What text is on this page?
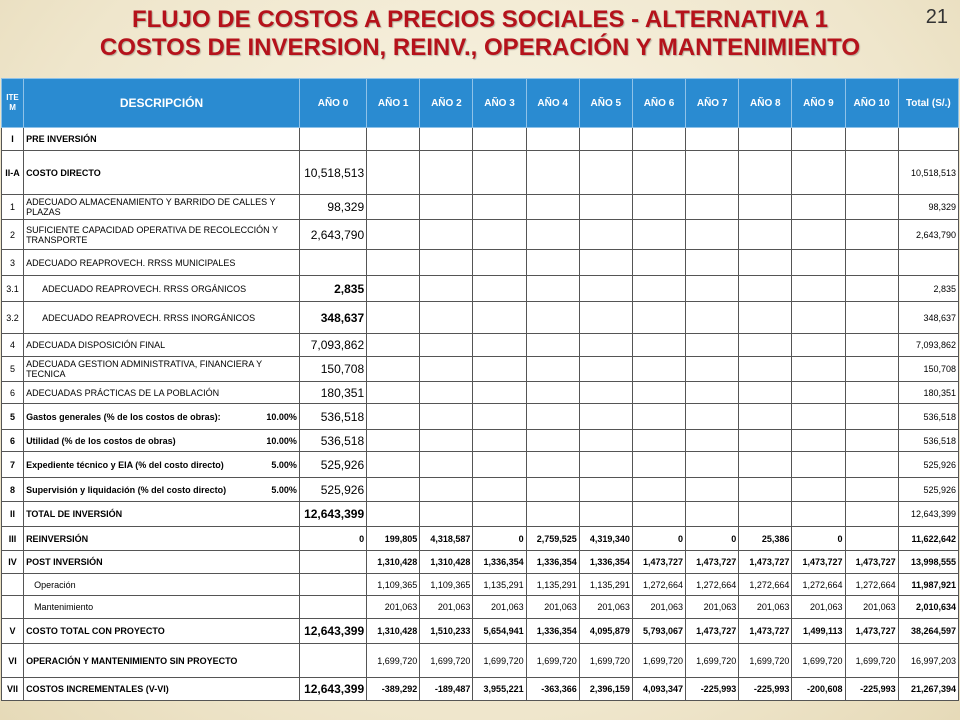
FLUJO DE COSTOS A PRECIOS SOCIALES - ALTERNATIVA 1
COSTOS DE INVERSION, REINV., OPERACIÓN Y MANTENIMIENTO
21
ITE M	DESCRIPCIÓN	AÑO 0	AÑO 1	AÑO 2	AÑO 3	AÑO 4	AÑO 5	AÑO 6	AÑO 7	AÑO 8	AÑO 9	AÑO 10	Total (S/.)
I	PRE INVERSIÓN												
II-A	COSTO DIRECTO	10,518,513											10,518,513
1	ADECUADO ALMACENAMIENTO Y BARRIDO DE CALLES Y PLAZAS	98,329											98,329
2	SUFICIENTE CAPACIDAD OPERATIVA DE RECOLECCIÓN Y TRANSPORTE	2,643,790											2,643,790
3	ADECUADO REAPROVECH. RRSS MUNICIPALES												
3.1	ADECUADO REAPROVECH. RRSS ORGÁNICOS	2,835											2,835
3.2	ADECUADO REAPROVECH. RRSS INORGÁNICOS	348,637											348,637
4	ADECUADA DISPOSICIÓN FINAL	7,093,862											7,093,862
5	ADECUADA GESTION ADMINISTRATIVA, FINANCIERA Y TECNICA	150,708											150,708
6	ADECUADAS PRÁCTICAS DE LA POBLACIÓN	180,351											180,351
5	Gastos generales (% de los costos de obras): 10.00%	536,518											536,518
6	Utilidad (% de los costos de obras) 10.00%	536,518											536,518
7	Expediente técnico y EIA (% del costo directo) 5.00%	525,926											525,926
8	Supervisión y liquidación (% del costo directo) 5.00%	525,926											525,926
II	TOTAL DE INVERSIÓN	12,643,399											12,643,399
III	REINVERSIÓN	0	199,805	4,318,587	0	2,759,525	4,319,340	0	0	25,386	0		11,622,642
IV	POST INVERSIÓN		1,310,428	1,310,428	1,336,354	1,336,354	1,336,354	1,473,727	1,473,727	1,473,727	1,473,727	1,473,727	13,998,555
	Operación		1,109,365	1,109,365	1,135,291	1,135,291	1,135,291	1,272,664	1,272,664	1,272,664	1,272,664	1,272,664	11,987,921
	Mantenimiento		201,063	201,063	201,063	201,063	201,063	201,063	201,063	201,063	201,063	201,063	2,010,634
V	COSTO TOTAL CON PROYECTO	12,643,399	1,310,428	1,510,233	5,654,941	1,336,354	4,095,879	5,793,067	1,473,727	1,473,727	1,499,113	1,473,727	38,264,597
VI	OPERACIÓN Y MANTENIMIENTO SIN PROYECTO		1,699,720	1,699,720	1,699,720	1,699,720	1,699,720	1,699,720	1,699,720	1,699,720	1,699,720	1,699,720	16,997,203
VII	COSTOS INCREMENTALES (V-VI)	12,643,399	-389,292	-189,487	3,955,221	-363,366	2,396,159	4,093,347	-225,993	-225,993	-200,608	-225,993	21,267,394
